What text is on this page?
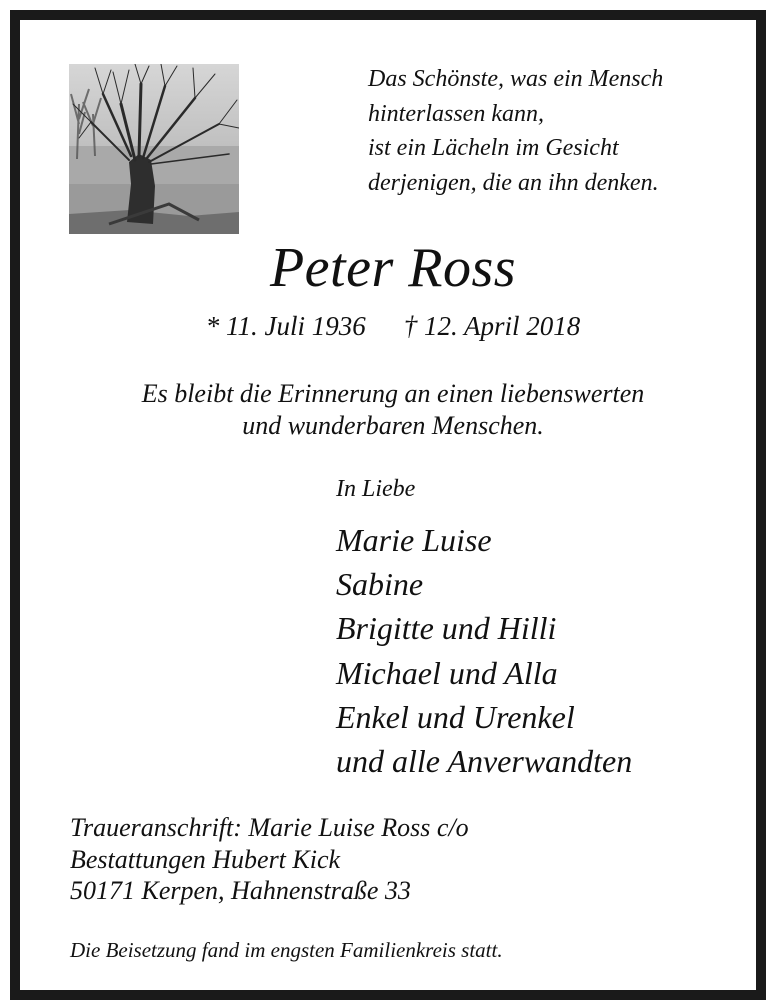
Das Schönste, was ein Mensch
hinterlassen kann,
ist ein Lächeln im Gesicht
derjenigen, die an ihn denken.
Peter Ross
* 11. Juli 1936 † 12. April 2018
Es bleibt die Erinnerung an einen liebenswerten
und wunderbaren Menschen.
In Liebe
Marie Luise
Sabine
Brigitte und Hilli
Michael und Alla
Enkel und Urenkel
und alle Anverwandten
Traueranschrift: Marie Luise Ross c/o
Bestattungen Hubert Kick
50171 Kerpen, Hahnenstraße 33
Die Beisetzung fand im engsten Familienkreis statt.
